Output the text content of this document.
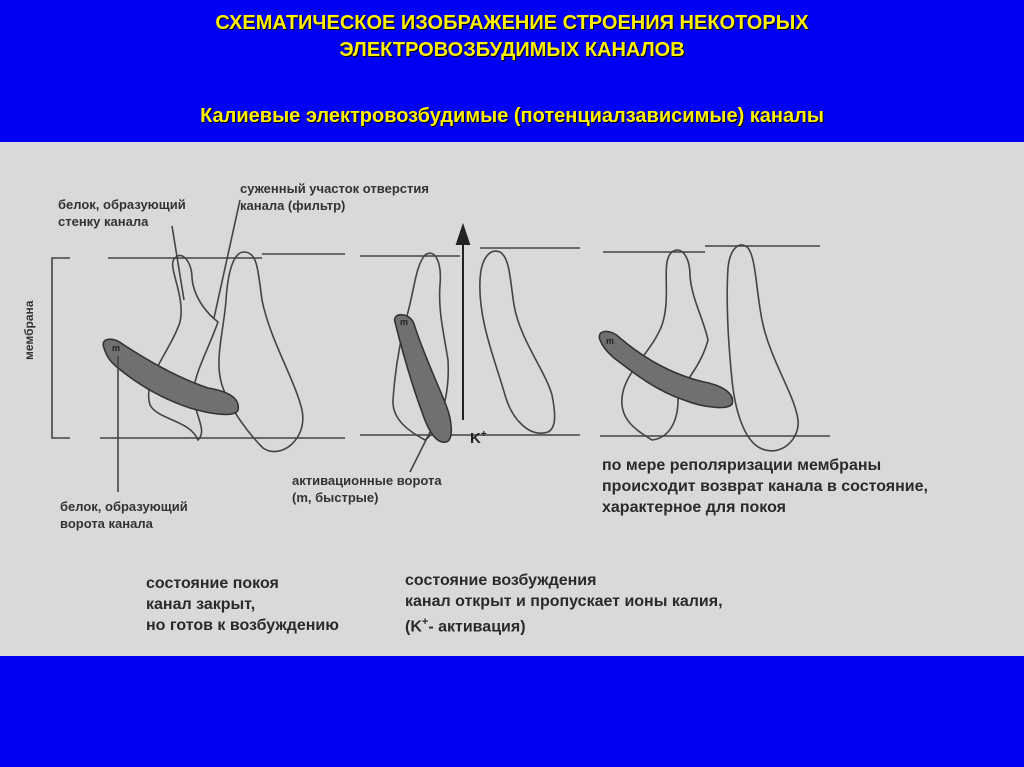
СХЕМАТИЧЕСКОЕ ИЗОБРАЖЕНИЕ СТРОЕНИЯ НЕКОТОРЫХ
ЭЛЕКТРОВОЗБУДИМЫХ КАНАЛОВ
Калиевые электровозбудимые (потенциалзависимые) каналы
m
m
m
белок, образующий
стенку канала
суженный участок отверстия
канала (фильтр)
мембрана
белок, образующий
ворота канала
активационные ворота
(m, быстрые)
K+
по мере реполяризации мембраны
происходит возврат канала в состояние,
характерное для покоя
состояние покоя
канал закрыт,
но готов к возбуждению
состояние возбуждения
канал открыт и пропускает ионы калия,
(K+- активация)
